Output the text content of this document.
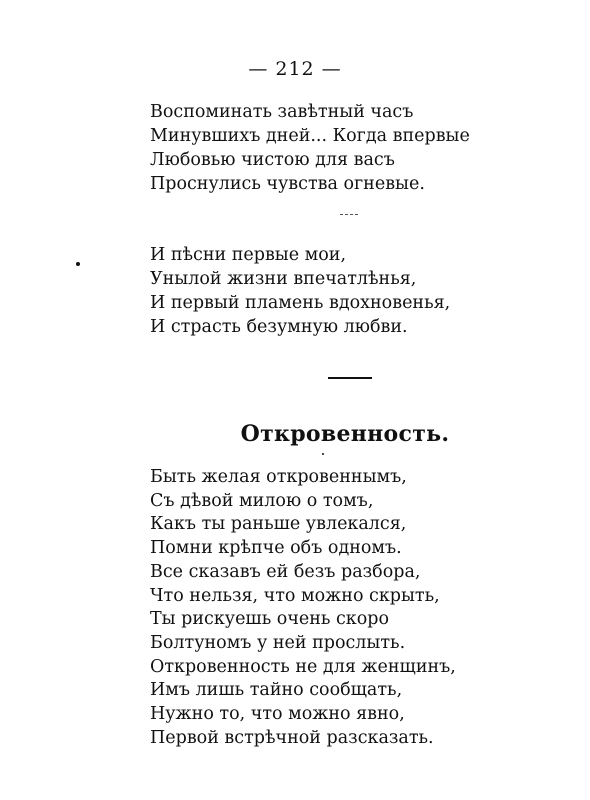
— 212 —
Воспоминать завѣтный часъ
Минувшихъ дней... Когда впервые
Любовью чистою для васъ
Проснулись чувства огневые.
И пѣсни первые мои,
Унылой жизни впечатлѣнья,
И первый пламень вдохновенья,
И страсть безумную любви.
Откровенность.
Быть желая откровеннымъ,
Съ дѣвой милою о томъ,
Какъ ты раньше увлекался,
Помни крѣпче объ одномъ.
Все сказавъ ей безъ разбора,
Что нельзя, что можно скрыть,
Ты рискуешь очень скоро
Болтуномъ у ней прослыть.
Откровенность не для женщинъ,
Имъ лишь тайно сообщать,
Нужно то, что можно явно,
Первой встрѣчной разсказать.
